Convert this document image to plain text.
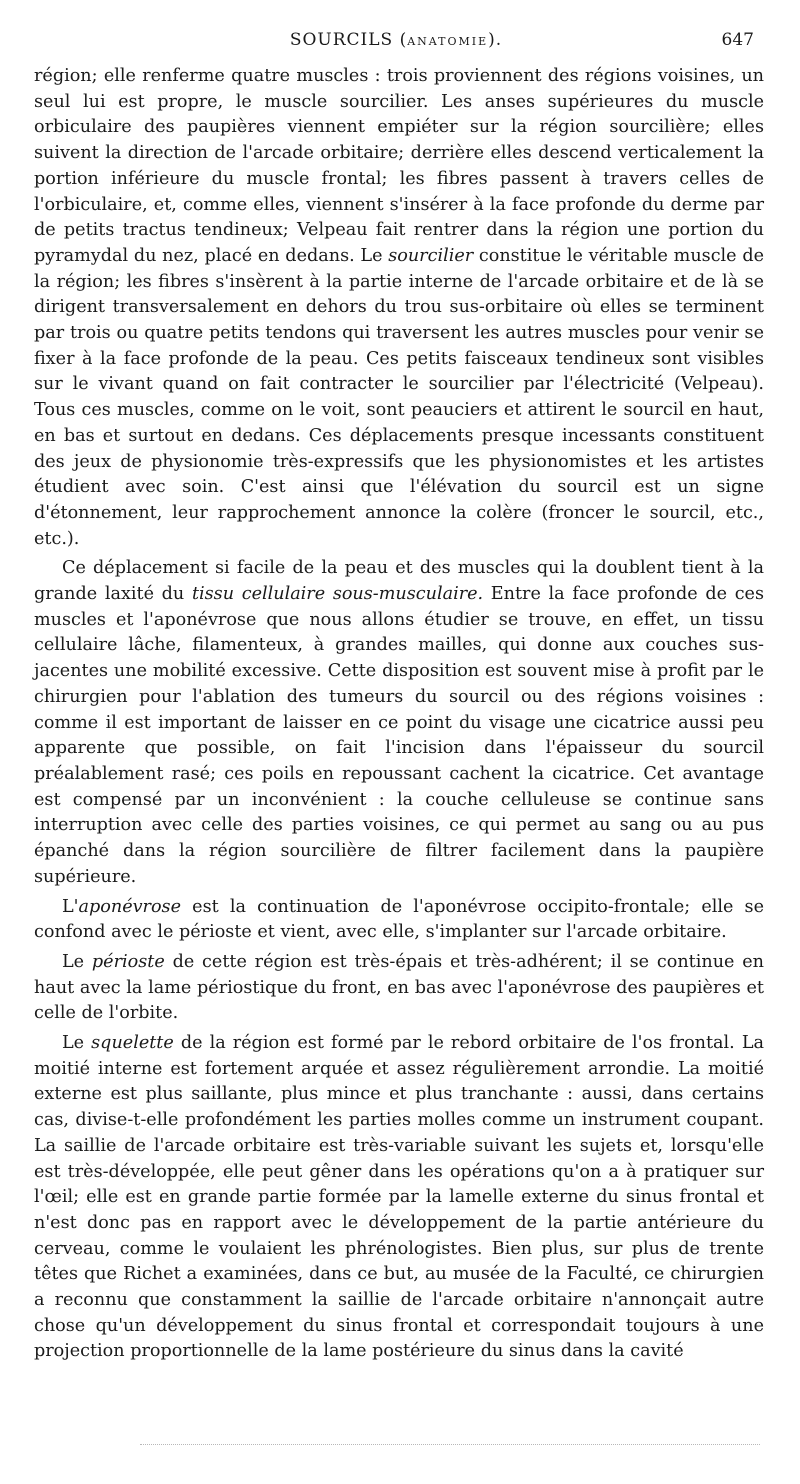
SOURCILS (ANATOMIE).	647

région; elle renferme quatre muscles : trois proviennent des régions voisines, un seul lui est propre, le muscle sourcilier. Les anses supérieures du muscle orbiculaire des paupières viennent empiéter sur la région sourcilière; elles suivent la direction de l'arcade orbitaire; derrière elles descend verticalement la portion inférieure du muscle frontal; les fibres passent à travers celles de l'orbiculaire, et, comme elles, viennent s'insérer à la face profonde du derme par de petits tractus tendineux; Velpeau fait rentrer dans la région une portion du pyramydal du nez, placé en dedans. Le sourcilier constitue le véritable muscle de la région; les fibres s'insèrent à la partie interne de l'arcade orbitaire et de là se dirigent transversalement en dehors du trou sus-orbitaire où elles se terminent par trois ou quatre petits tendons qui traversent les autres muscles pour venir se fixer à la face profonde de la peau. Ces petits faisceaux tendineux sont visibles sur le vivant quand on fait contracter le sourcilier par l'électricité (Velpeau). Tous ces muscles, comme on le voit, sont peauciers et attirent le sourcil en haut, en bas et surtout en dedans. Ces déplacements presque incessants constituent des jeux de physionomie très-expressifs que les physionomistes et les artistes étudient avec soin. C'est ainsi que l'élévation du sourcil est un signe d'étonnement, leur rapprochement annonce la colère (froncer le sourcil, etc., etc.).

Ce déplacement si facile de la peau et des muscles qui la doublent tient à la grande laxité du tissu cellulaire sous-musculaire. Entre la face profonde de ces muscles et l'aponévrose que nous allons étudier se trouve, en effet, un tissu cellulaire lâche, filamenteux, à grandes mailles, qui donne aux couches sus-jacentes une mobilité excessive. Cette disposition est souvent mise à profit par le chirurgien pour l'ablation des tumeurs du sourcil ou des régions voisines : comme il est important de laisser en ce point du visage une cicatrice aussi peu apparente que possible, on fait l'incision dans l'épaisseur du sourcil préalablement rasé; ces poils en repoussant cachent la cicatrice. Cet avantage est compensé par un inconvénient : la couche celluleuse se continue sans interruption avec celle des parties voisines, ce qui permet au sang ou au pus épanché dans la région sourcilière de filtrer facilement dans la paupière supérieure.

L'aponévrose est la continuation de l'aponévrose occipito-frontale; elle se confond avec le périoste et vient, avec elle, s'implanter sur l'arcade orbitaire.

Le périoste de cette région est très-épais et très-adhérent; il se continue en haut avec la lame périostique du front, en bas avec l'aponévrose des paupières et celle de l'orbite.

Le squelette de la région est formé par le rebord orbitaire de l'os frontal. La moitié interne est fortement arquée et assez régulièrement arrondie. La moitié externe est plus saillante, plus mince et plus tranchante : aussi, dans certains cas, divise-t-elle profondément les parties molles comme un instrument coupant. La saillie de l'arcade orbitaire est très-variable suivant les sujets et, lorsqu'elle est très-développée, elle peut gêner dans les opérations qu'on a à pratiquer sur l'œil; elle est en grande partie formée par la lamelle externe du sinus frontal et n'est donc pas en rapport avec le développement de la partie antérieure du cerveau, comme le voulaient les phrénologistes. Bien plus, sur plus de trente têtes que Richet a examinées, dans ce but, au musée de la Faculté, ce chirurgien a reconnu que constamment la saillie de l'arcade orbitaire n'annonçait autre chose qu'un développement du sinus frontal et correspondait toujours à une projection proportionnelle de la lame postérieure du sinus dans la cavité
